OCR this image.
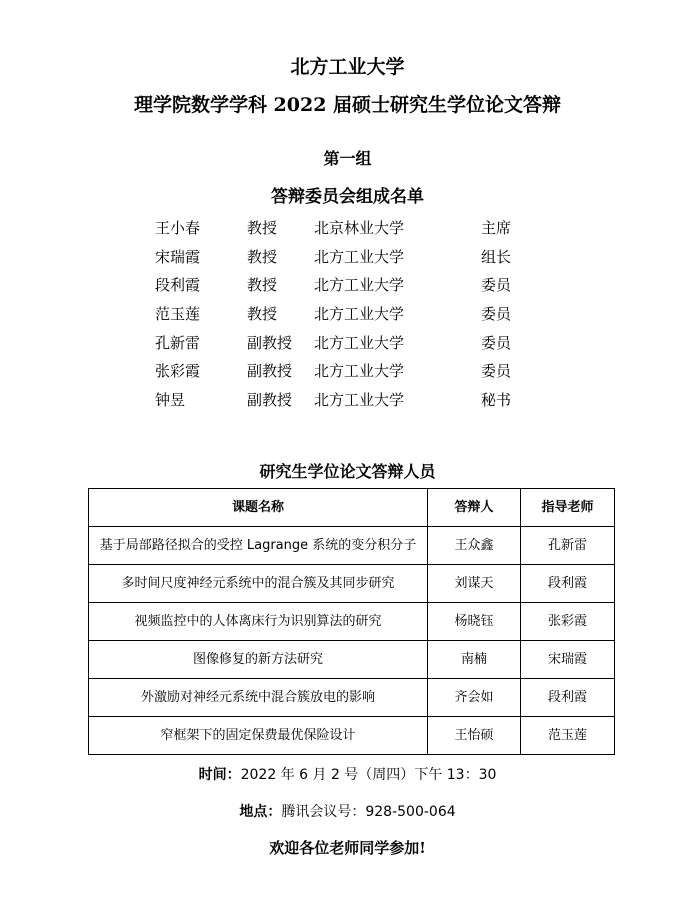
北方工业大学
理学院数学学科 2022 届硕士研究生学位论文答辩
第一组
答辩委员会组成名单
王小春	教授 北京林业大学	主席
宋瑞霞	教授 北方工业大学	组长
段利霞	教授 北方工业大学	委员
范玉莲	教授 北方工业大学	委员
孔新雷	副教授 北方工业大学	委员
张彩霞	副教授 北方工业大学	委员
钟昱	副教授 北方工业大学	秘书
研究生学位论文答辩人员
课题名称	答辩人	指导老师
基于局部路径拟合的受控 Lagrange 系统的变分积分子	王众鑫	孔新雷
多时间尺度神经元系统中的混合簇及其同步研究	刘谋天	段利霞
视频监控中的人体离床行为识别算法的研究	杨晓钰	张彩霞
图像修复的新方法研究	南楠	宋瑞霞
外激励对神经元系统中混合簇放电的影响	齐会如	段利霞
窄框架下的固定保费最优保险设计	王怡硕	范玉莲
时间：2022 年 6 月 2 号（周四）下午 13：30
地点：腾讯会议号：928-500-064
欢迎各位老师同学参加!
